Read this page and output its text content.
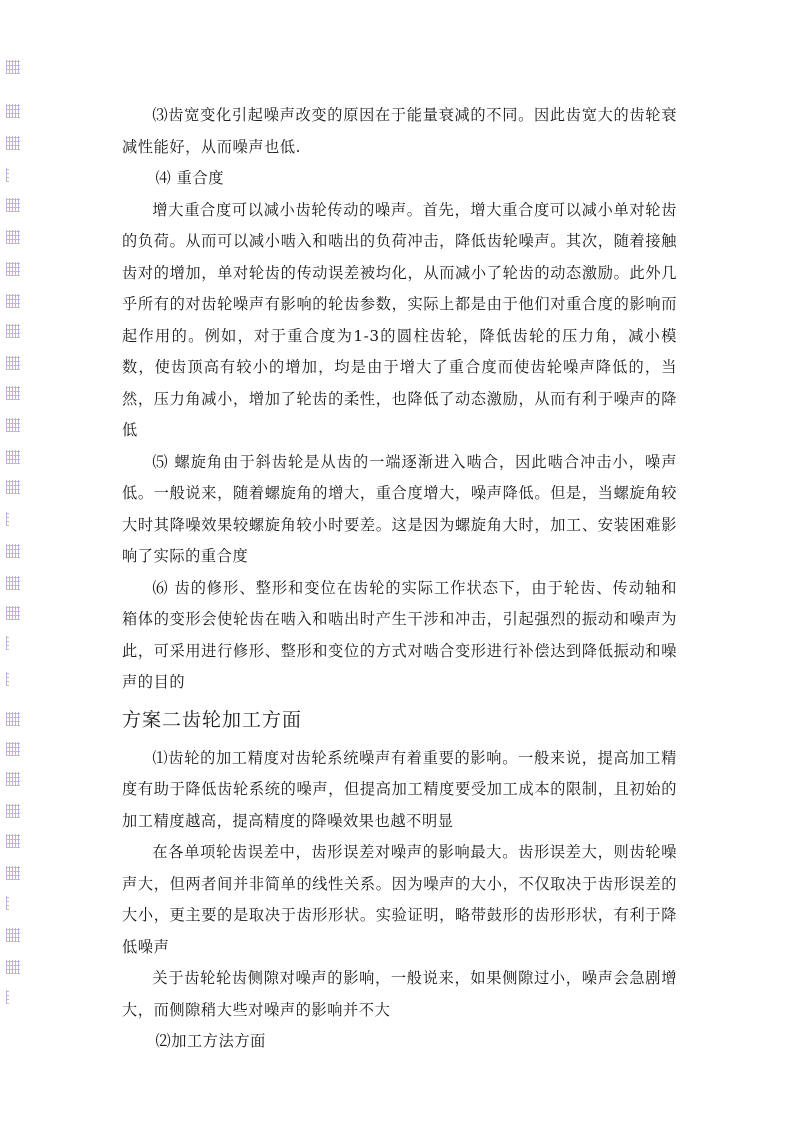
⑶齿宽变化引起噪声改变的原因在于能量衰减的不同。因此齿宽大的齿轮衰减性能好，从而噪声也低.

⑷ 重合度

增大重合度可以减小齿轮传动的噪声。首先，增大重合度可以减小单对轮齿的负荷。从而可以减小啮入和啮出的负荷冲击，降低齿轮噪声。其次，随着接触齿对的增加，单对轮齿的传动误差被均化，从而减小了轮齿的动态激励。此外几乎所有的对齿轮噪声有影响的轮齿参数，实际上都是由于他们对重合度的影响而起作用的。例如，对于重合度为1-3的圆柱齿轮，降低齿轮的压力角，减小模数，使齿顶高有较小的增加，均是由于增大了重合度而使齿轮噪声降低的，当然，压力角减小，增加了轮齿的柔性，也降低了动态激励，从而有利于噪声的降低

⑸ 螺旋角由于斜齿轮是从齿的一端逐渐进入啮合，因此啮合冲击小，噪声低。一般说来，随着螺旋角的增大，重合度增大，噪声降低。但是，当螺旋角较大时其降噪效果较螺旋角较小时要差。这是因为螺旋角大时，加工、安装困难影响了实际的重合度

⑹ 齿的修形、整形和变位在齿轮的实际工作状态下，由于轮齿、传动轴和箱体的变形会使轮齿在啮入和啮出时产生干涉和冲击，引起强烈的振动和噪声为此，可采用进行修形、整形和变位的方式对啮合变形进行补偿达到降低振动和噪声的目的

方案二齿轮加工方面

⑴齿轮的加工精度对齿轮系统噪声有着重要的影响。一般来说，提高加工精度有助于降低齿轮系统的噪声，但提高加工精度要受加工成本的限制，且初始的加工精度越高，提高精度的降噪效果也越不明显

在各单项轮齿误差中，齿形误差对噪声的影响最大。齿形误差大，则齿轮噪声大，但两者间并非简单的线性关系。因为噪声的大小，不仅取决于齿形误差的大小，更主要的是取决于齿形形状。实验证明，略带鼓形的齿形形状，有利于降低噪声

关于齿轮轮齿侧隙对噪声的影响，一般说来，如果侧隙过小，噪声会急剧增大，而侧隙稍大些对噪声的影响并不大

⑵加工方法方面
